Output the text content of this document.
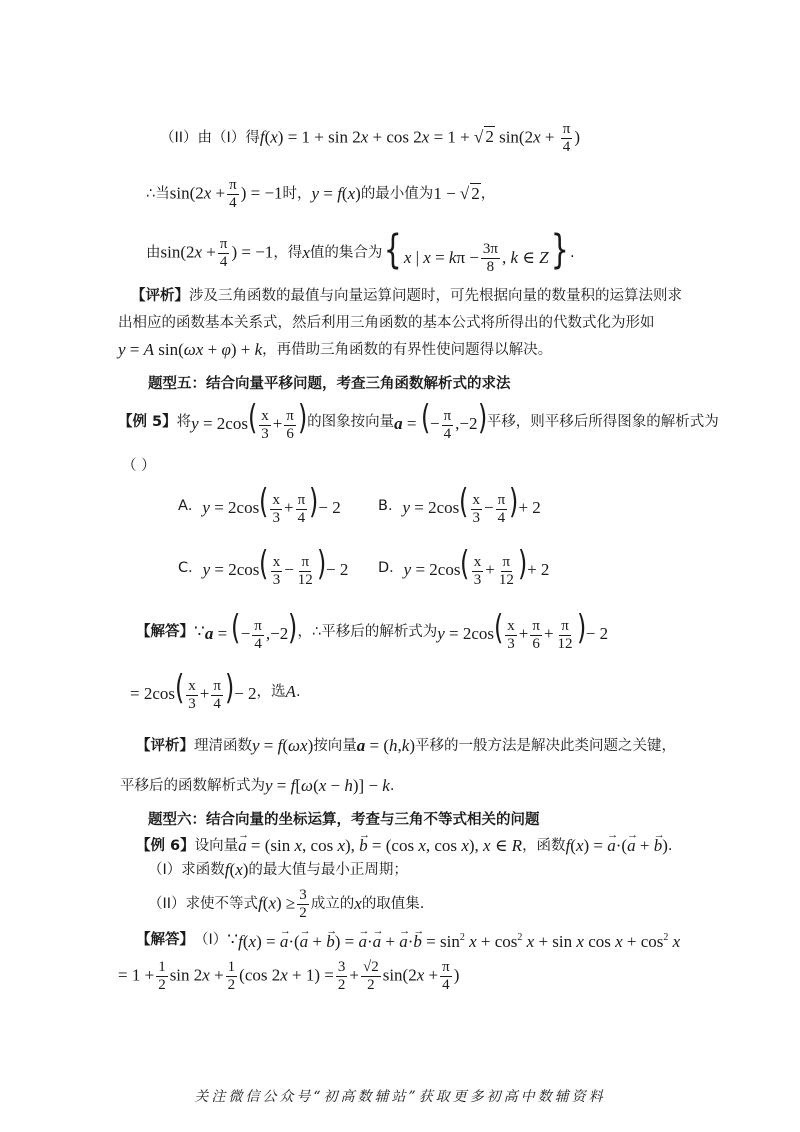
（II）由（I）得 f(x) = 1 + sin 2x + cos 2x = 1 + √ 2 $\sin(2x + \frac{\pi}{4}$ )
∴当 $\sin(2x + \frac{\pi}{4}$ ) = −1 时， y = f(x) 的最小值为 1 − √ 2 ，
由 $\sin(2x + \frac{\pi}{4}$ ) = −1 ，得 x 值的集合为 { x | $x = k\pi - \frac{3\pi}{8}$ , k ∈ Z} .
【评析】 涉及三角函数的最值与向量运算问题时，可先根据向量的数量积的运算法则求
出相应的函数基本关系式，然后利用三角函数的基本公式将所得出的代数式化为形如
y = A sin(ωx + φ) + k ，再借助三角函数的有界性使问题得以解决。
题型五：结合向量平移问题，考查三角函数解析式的求法
【例 5】 将 $y = 2\cos( \frac{x}{3} + \frac{\pi}{6}$ ) 的图象按向量 a = (− $\frac{\pi}{4} ,-2$) 平移，则平移后所得图象的解析式为
（ ）
A． $y = 2\cos( \frac{x}{3} + \frac{\pi}{4}$ )− 2	B． $y = 2\cos( \frac{x}{3} - \frac{\pi}{4}$ )+ 2
C． $y = 2\cos( \frac{x}{3} - \frac{\pi}{12}$ )− 2 D． $y = 2\cos( \frac{x}{3} + \frac{\pi}{12}$ )+ 2
【解答】 ∵ a = (− $\frac{\pi}{4} ,-2$) ，∴平移后的解析式为 $y = 2\cos( \frac{x}{3} + \frac{\pi}{6} + \frac{\pi}{12}$ )− 2
= $2\cos( \frac{x}{3} + \frac{\pi}{4}$ )− 2 ，选 A .
【评析】 理清函数 y = f(ωx) 按向量 a = (h,k) 平移的一般方法是解决此类问题之关键，
平移后的函数解析式为 y = f[ω(x − h)] − k .
题型六：结合向量的坐标运算，考查与三角不等式相关的问题
【例 6】 设向量
→ a = (sin x, cos x), → b = (cos x, cos x), x ∈ R ，函数 f(x) = → a·(→ a + → b) .
（I） 求函数 f(x) 的最大值与最小正周期；
（II） 求使不等式 $f(x) \ge \frac{3}{2}$ 成立的 x 的取值集.
【解答】 （I） ∵ f(x) = → a·(→ a + → b) = → a·→ a + → $a\cdot\to b = \sin^2 x + \cos^2 x + \sin x$ $\cos x + \cos^2 x$
= $1 + \frac{1}{2}$ $\sin 2x + \frac{1}{2} (\cos$ $2x + 1) = \frac{3}{2} + \frac{√2}{2} \sin(2x + \frac{\pi}{4}$ )
关注微信公众号“初高数辅站”获取更多初高中数辅资料
